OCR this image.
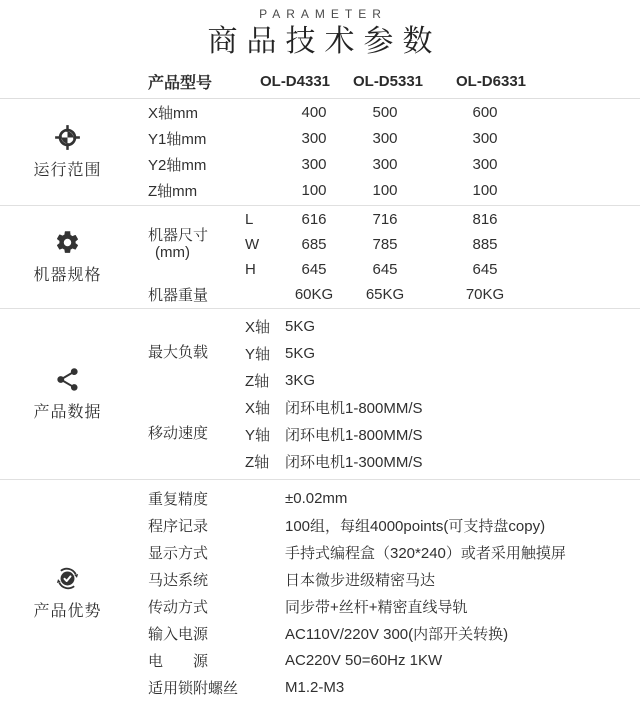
PARAMETER
商品技术参数
产品型号	OL-D4331	OL-D5331	OL-D6331
运行范围
X轴mm	400	500	600
Y1轴mm	300	300	300
Y2轴mm	300	300	300
Z轴mm	100	100	100
机器规格
机器尺寸
(mm)
L	616	716	816
W	685	785	885
H	645	645	645
机器重量	60KG	65KG	70KG
产品数据
最大负载
X轴 5KG
Y轴 5KG
Z轴	3KG
移动速度
X轴 闭环电机1-800MM/S
Y轴 闭环电机1-800MM/S
Z轴	闭环电机1-300MM/S
产品优势
重复精度	±0.02mm
程序记录	100组，每组4000points(可支持盘copy)
显示方式	手持式编程盒（320*240）或者采用触摸屏
马达系统	日本微步进级精密马达
传动方式	同步带+丝杆+精密直线导轨
输入电源	AC110V/220V 300(内部开关转换)
电　　源	AC220V 50=60Hz 1KW
适用锁附螺丝	M1.2-M3
